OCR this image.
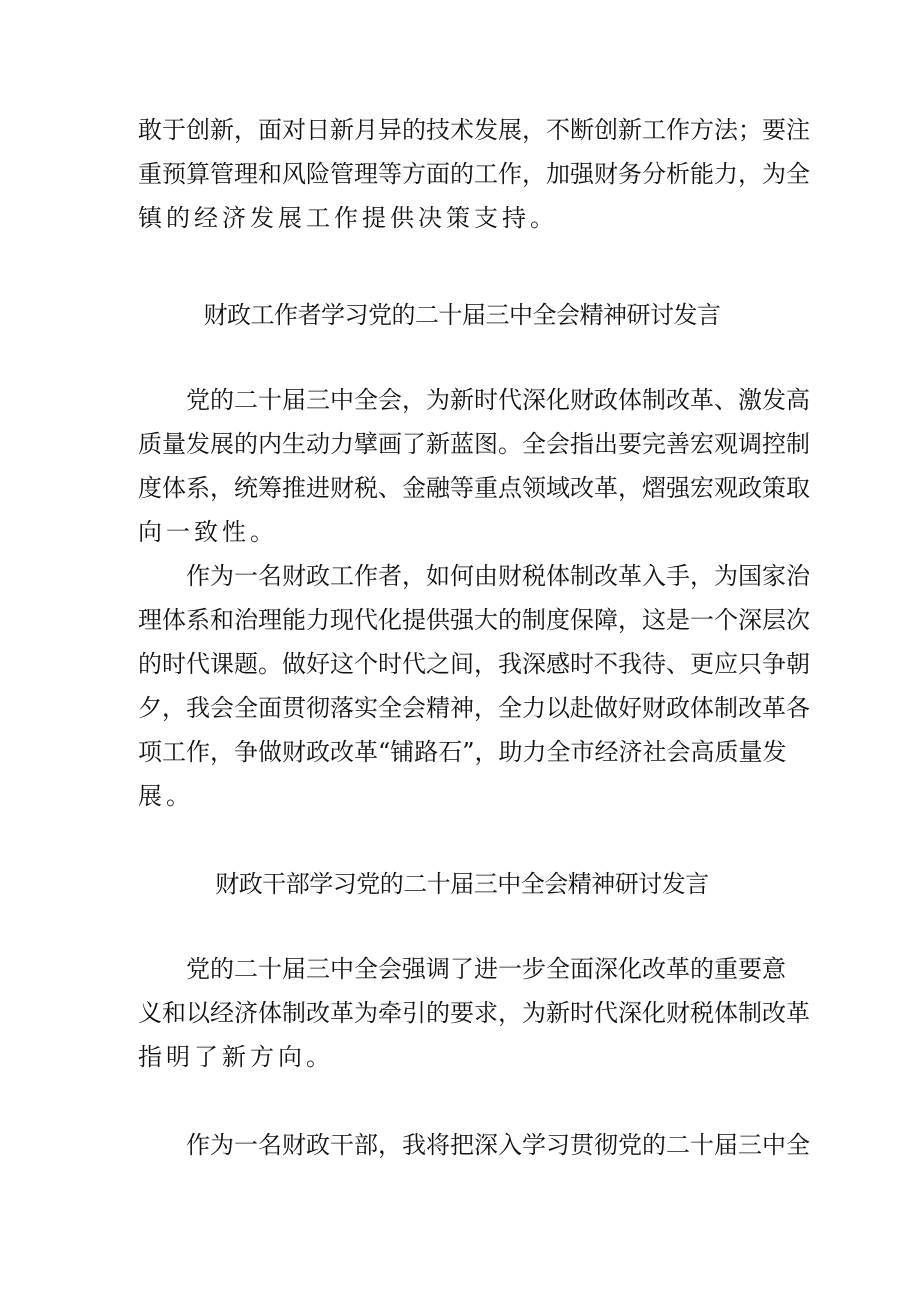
敢于创新，面对日新月异的技术发展，不断创新工作方法；要注
重预算管理和风险管理等方面的工作，加强财务分析能力，为全
镇的经济发展工作提供决策支持。
财政工作者学习党的二十届三中全会精神研讨发言
党的二十届三中全会，为新时代深化财政体制改革、激发高
质量发展的内生动力擘画了新蓝图。全会指出要完善宏观调控制
度体系，统筹推进财税、金融等重点领域改革，熠强宏观政策取
向一致性。
作为一名财政工作者，如何由财税体制改革入手，为国家治
理体系和治理能力现代化提供强大的制度保障，这是一个深层次
的时代课题。做好这个时代之间，我深感时不我待、更应只争朝
夕，我会全面贯彻落实全会精神，全力以赴做好财政体制改革各
项工作，争做财政改革“铺路石”，助力全市经济社会高质量发
展。
财政干部学习党的二十届三中全会精神研讨发言
党的二十届三中全会强调了进一步全面深化改革的重要意
义和以经济体制改革为牵引的要求，为新时代深化财税体制改革
指明了新方向。
作为一名财政干部，我将把深入学习贯彻党的二十届三中全
